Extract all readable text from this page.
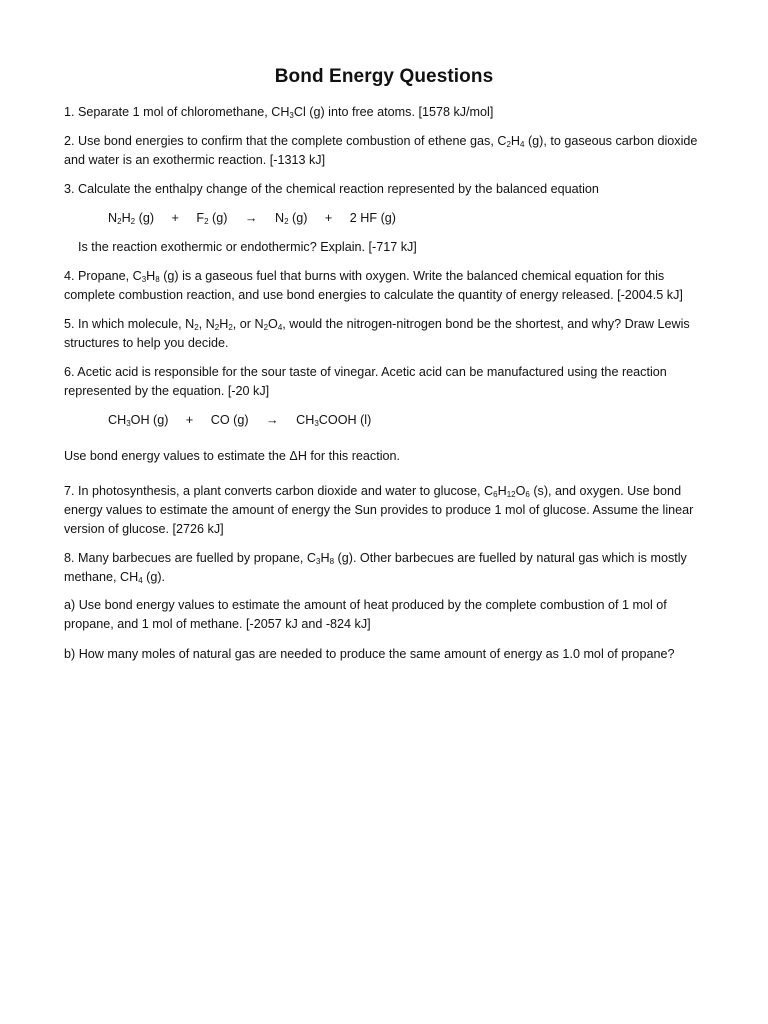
Bond Energy Questions

1. Separate 1 mol of chloromethane, $CH_3Cl$ (g) into free atoms. [1578 kJ/mol]

2. Use bond energies to confirm that the complete combustion of ethene gas, $C_2H_4$ (g), to gaseous carbon dioxide
and water is an exothermic reaction. [-1313 kJ]

3. Calculate the enthalpy change of the chemical reaction represented by the balanced equation

$N_2H_2$ (g)     +     $F_2$ (g)     →     $N_2$ (g)     +     2 HF (g)
Is the reaction exothermic or endothermic? Explain. [-717 kJ]

4. Propane, $C_3H_8$ (g) is a gaseous fuel that burns with oxygen. Write the balanced chemical equation for this
complete combustion reaction, and use bond energies to calculate the quantity of energy released. [-2004.5 kJ]

5. In which molecule, $N_2$, $N_2H_2$, or $N_2O_4$, would the nitrogen-nitrogen bond be the shortest, and why? Draw Lewis
structures to help you decide.

6. Acetic acid is responsible for the sour taste of vinegar. Acetic acid can be manufactured using the reaction
represented by the equation. [-20 kJ]

$CH_3OH$ (g)     +     CO (g)     →     $CH_3COOH$ (l)

Use bond energy values to estimate the ΔH for this reaction.

7. In photosynthesis, a plant converts carbon dioxide and water to glucose, $C_6H_{12}O_6$ (s), and oxygen. Use bond
energy values to estimate the amount of energy the Sun provides to produce 1 mol of glucose. Assume the linear
version of glucose. [2726 kJ]

8. Many barbecues are fuelled by propane, $C_3H_8$ (g). Other barbecues are fuelled by natural gas which is mostly
methane, $CH_4$ (g).

a) Use bond energy values to estimate the amount of heat produced by the complete combustion of 1 mol of
propane, and 1 mol of methane. [-2057 kJ and -824 kJ]

b) How many moles of natural gas are needed to produce the same amount of energy as 1.0 mol of propane?
